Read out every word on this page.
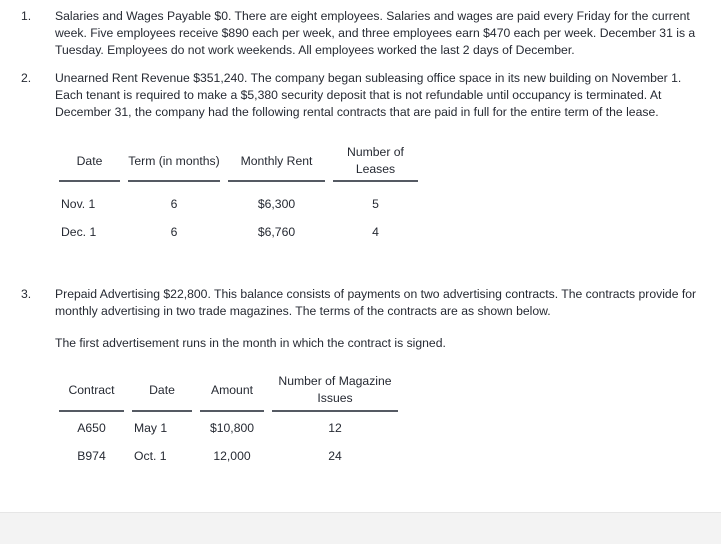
1. Salaries and Wages Payable $0. There are eight employees. Salaries and wages are paid every Friday for the current week. Five employees receive $890 each per week, and three employees earn $470 each per week. December 31 is a Tuesday. Employees do not work weekends. All employees worked the last 2 days of December.

2. Unearned Rent Revenue $351,240. The company began subleasing office space in its new building on November 1. Each tenant is required to make a $5,380 security deposit that is not refundable until occupancy is terminated. At December 31, the company had the following rental contracts that are paid in full for the entire term of the lease.

Date	Term (in months)	Monthly Rent	Number of Leases

Nov. 1	6	$6,300	5
Dec. 1	6	$6,760	4
3. Prepaid Advertising $22,800. This balance consists of payments on two advertising contracts. The contracts provide for monthly advertising in two trade magazines. The terms of the contracts are as shown below.

The first advertisement runs in the month in which the contract is signed.

Contract	Date	Amount	Number of Magazine Issues

A650	May 1	$10,800	12
B974	Oct. 1	12,000	24
